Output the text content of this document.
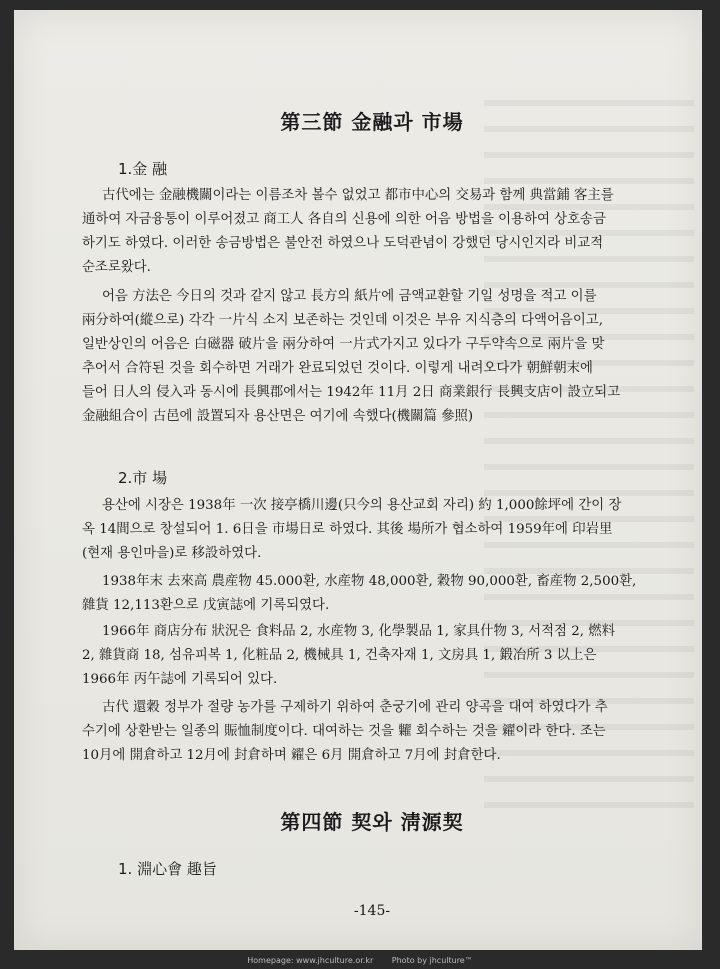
第三節 金融과 市場
1.金 融
古代에는 金融機關이라는 이름조차 볼수 없었고 都市中心의 交易과 함께 典當鋪 客主를
通하여 자금융통이 이루어졌고 商工人 各自의 신용에 의한 어음 방법을 이용하여 상호송금
하기도 하였다. 이러한 송금방법은 불안전 하였으나 도덕관념이 강했던 당시인지라 비교적
순조로왔다.
어음 方法은 今日의 것과 같지 않고 長方의 紙片에 금액교환할 기일 성명을 적고 이를
兩分하여(縱으로) 각각 一片식 소지 보존하는 것인데 이것은 부유 지식층의 다액어음이고,
일반상인의 어음은 白磁器 破片을 兩分하여 一片式가지고 있다가 구두약속으로 兩片을 맞
추어서 合符된 것을 회수하면 거래가 완료되었던 것이다. 이렇게 내려오다가 朝鮮朝末에
들어 日人의 侵入과 동시에 長興郡에서는 1942年 11月 2日 商業銀行 長興支店이 設立되고
金融組合이 古邑에 設置되자 용산면은 여기에 속했다(機關篇 參照)
2.市 場
용산에 시장은 1938年 一次 接亭橋川邊(只今의 용산교회 자리) 約 1,000餘坪에 간이 장
옥 14間으로 창설되어 1. 6日을 市場日로 하였다. 其後 場所가 협소하여 1959年에 印岩里
(현재 용인마을)로 移設하였다.
1938年末 去來高 農産物 45.000환, 水産物 48,000환, 穀物 90,000환, 畜産物 2,500환,
雜貨 12,113환으로 戊寅誌에 기록되였다.
1966年 商店分布 狀況은 食料品 2, 水産物 3, 化學製品 1, 家具什物 3, 서적점 2, 燃料
2, 雜貨商 18, 섬유피복 1, 化粧品 2, 機械具 1, 건축자재 1, 文房具 1, 鍛冶所 3 以上은
1966年 丙午誌에 기록되어 있다.
古代 還穀 정부가 절량 농가를 구제하기 위하여 춘궁기에 관리 양곡을 대여 하였다가 추
수기에 상환받는 일종의 賑恤制度이다. 대여하는 것을 糶 회수하는 것을 糴이라 한다. 조는
10月에 開倉하고 12月에 封倉하며 糴은 6月 開倉하고 7月에 封倉한다.
第四節 契와 淸源契
1. 淵心會 趣旨
-145-
Homepage: www.jhculture.or.kr Photo by jhculture™
